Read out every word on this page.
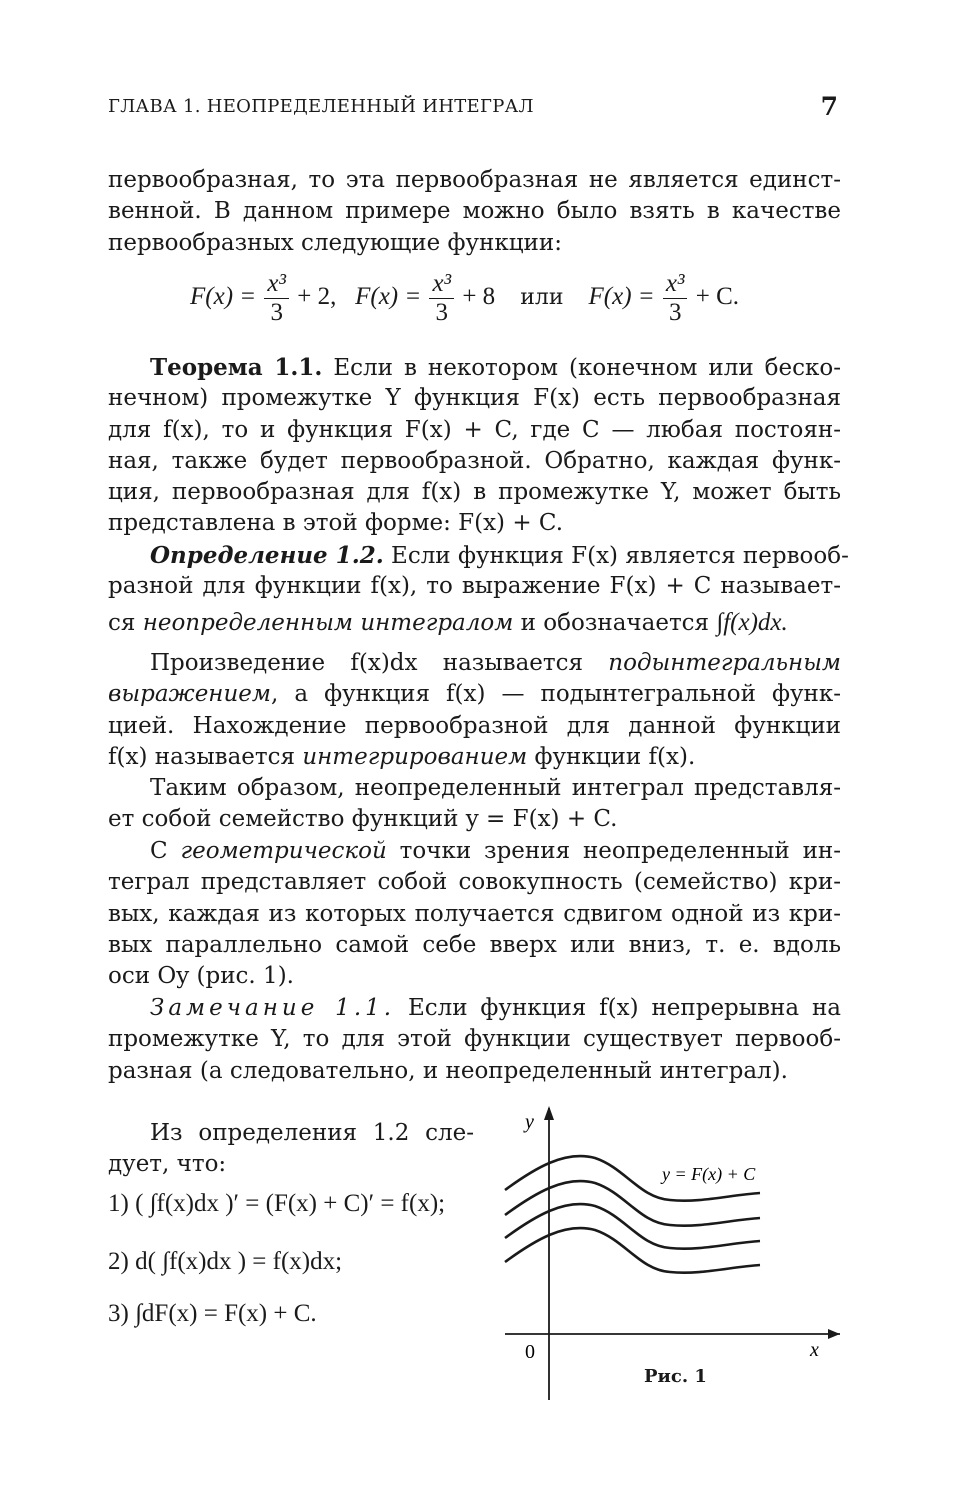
ГЛАВА 1. НЕОПРЕДЕЛЕННЫЙ ИНТЕГРАЛ	7
первообразная, то эта первообразная не является единст-
венной. В данном примере можно было взять в качестве
первообразных следующие функции:
$F(x) = \frac{\text{x³}}{3} + 2$, $F(x) = \frac{\text{x³}}{3} + 8$ или $F(x) = \frac{\text{x³}}{3} + C$.
Теорема 1.1. Если в некотором (конечном или беско-
нечном) промежутке Y функция F(x) есть первообразная
для f(x), то и функция F(x) + C, где C — любая постоян-
ная, также будет первообразной. Обратно, каждая функ-
ция, первообразная для f(x) в промежутке Y, может быть
представлена в этой форме: F(x) + C.
Определение 1.2. Если функция F(x) является первооб-
разной для функции f(x), то выражение F(x) + C называет-
ся неопределенным интегралом и обозначается ∫f(x)dx.
Произведение f(x)dx называется подынтегральным
выражением, а функция f(x) — подынтегральной функ-
цией. Нахождение первообразной для данной функции
f(x) называется интегрированием функции f(x).
Таким образом, неопределенный интеграл представля-
ет собой семейство функций y = F(x) + C.
С геометрической точки зрения неопределенный ин-
теграл представляет собой совокупность (семейство) кри-
вых, каждая из которых получается сдвигом одной из кри-
вых параллельно самой себе вверх или вниз, т. е. вдоль
оси Oy (рис. 1).
Замечание 1.1. Если функция f(x) непрерывна на
промежутке Y, то для этой функции существует первооб-
разная (а следовательно, и неопределенный интеграл).
Из определения 1.2 сле-
дует, что:
1) ( ∫f(x)dx )′ = (F(x) + C)′ = f(x);
2) d( ∫f(x)dx ) = f(x)dx;
3) ∫dF(x) = F(x) + C.
y
x
0
y = F(x) + C
Рис. 1
